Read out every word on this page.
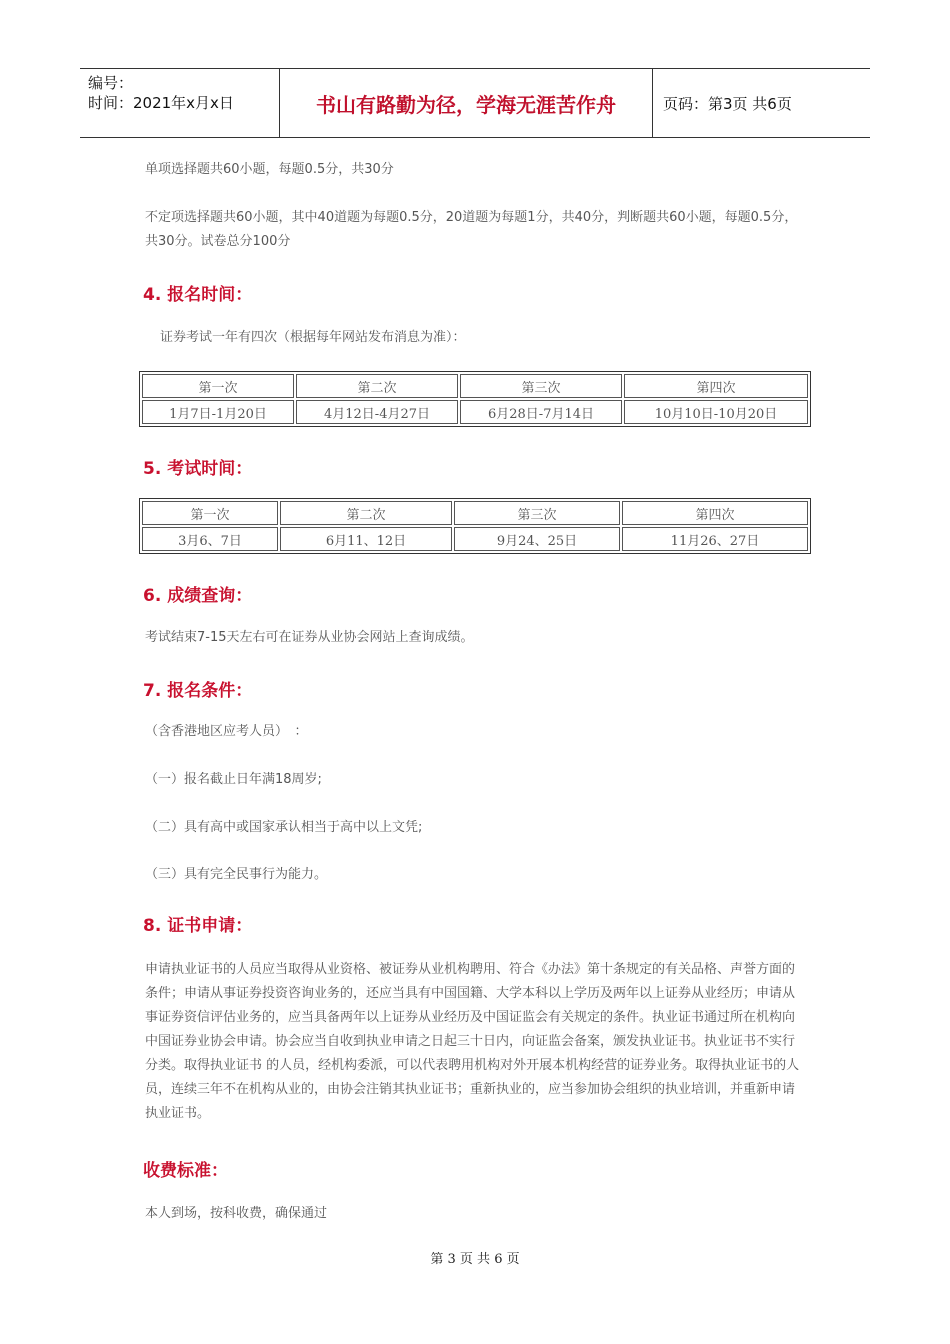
编号：
时间：2021年x月x日	书山有路勤为径，学海无涯苦作舟	页码：第3页 共6页
单项选择题共60小题，每题0.5分，共30分
不定项选择题共60小题，其中40道题为每题0.5分，20道题为每题1分，共40分，判断题共60小题，每题0.5分，共30分。试卷总分100分
4. 报名时间：
证券考试一年有四次（根据每年网站发布消息为准）：
第一次	第二次	第三次	第四次
1月7日-1月20日	4月12日-4月27日	6月28日-7月14日	10月10日-10月20日
5. 考试时间：
第一次	第二次	第三次	第四次
3月6、7日	6月11、12日	9月24、25日	11月26、27日
6. 成绩查询：
考试结束7-15天左右可在证券从业协会网站上查询成绩。
7. 报名条件：
（含香港地区应考人员）　：
（一）报名截止日年满18周岁;
（二）具有高中或国家承认相当于高中以上文凭;
（三）具有完全民事行为能力。
8. 证书申请：
申请执业证书的人员应当取得从业资格、被证券从业机构聘用、符合《办法》第十条规定的有关品格、声誉方面的条件；申请从事证券投资咨询业务的，还应当具有中国国籍、大学本科以上学历及两年以上证券从业经历；申请从事证券资信评估业务的，应当具备两年以上证券从业经历及中国证监会有关规定的条件。执业证书通过所在机构向中国证券业协会申请。协会应当自收到执业申请之日起三十日内，向证监会备案，颁发执业证书。执业证书不实行分类。取得执业证书 的人员，经机构委派，可以代表聘用机构对外开展本机构经营的证券业务。取得执业证书的人员，连续三年不在机构从业的，由协会注销其执业证书；重新执业的，应当参加协会组织的执业培训，并重新申请执业证书。
收费标准：
本人到场，按科收费，确保通过
第 3 页 共 6 页
